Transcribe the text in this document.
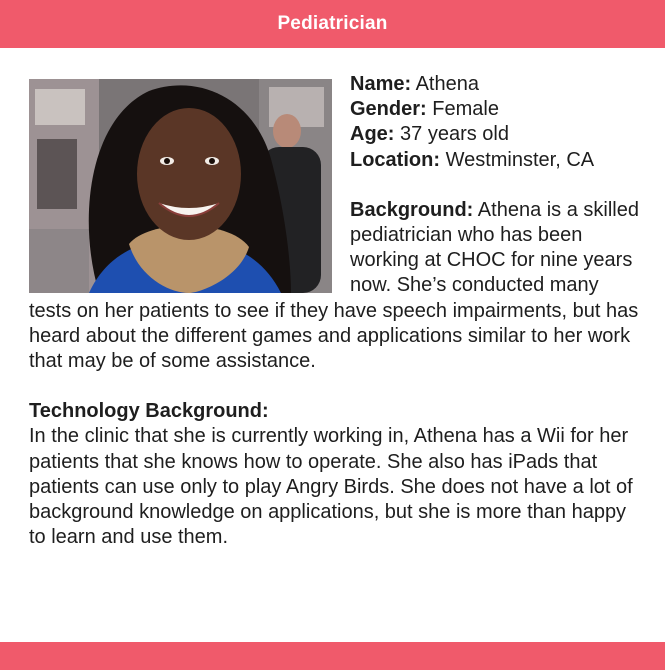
Pediatrician

Name: Athena

Gender: Female

Age: 37 years old

Location: Westminster, CA

Background: Athena is a skilled pediatrician who has been working at CHOC for nine years now. She’s conducted many tests on her patients to see if they have speech impairments, but has heard about the different games and applications similar to her work that may be of some assistance.

Technology Background:

In the clinic that she is currently working in, Athena has a Wii for her patients that she knows how to operate. She also has iPads that patients can use only to play Angry Birds. She does not have a lot of background knowledge on applications, but she is more than happy to learn and use them.
